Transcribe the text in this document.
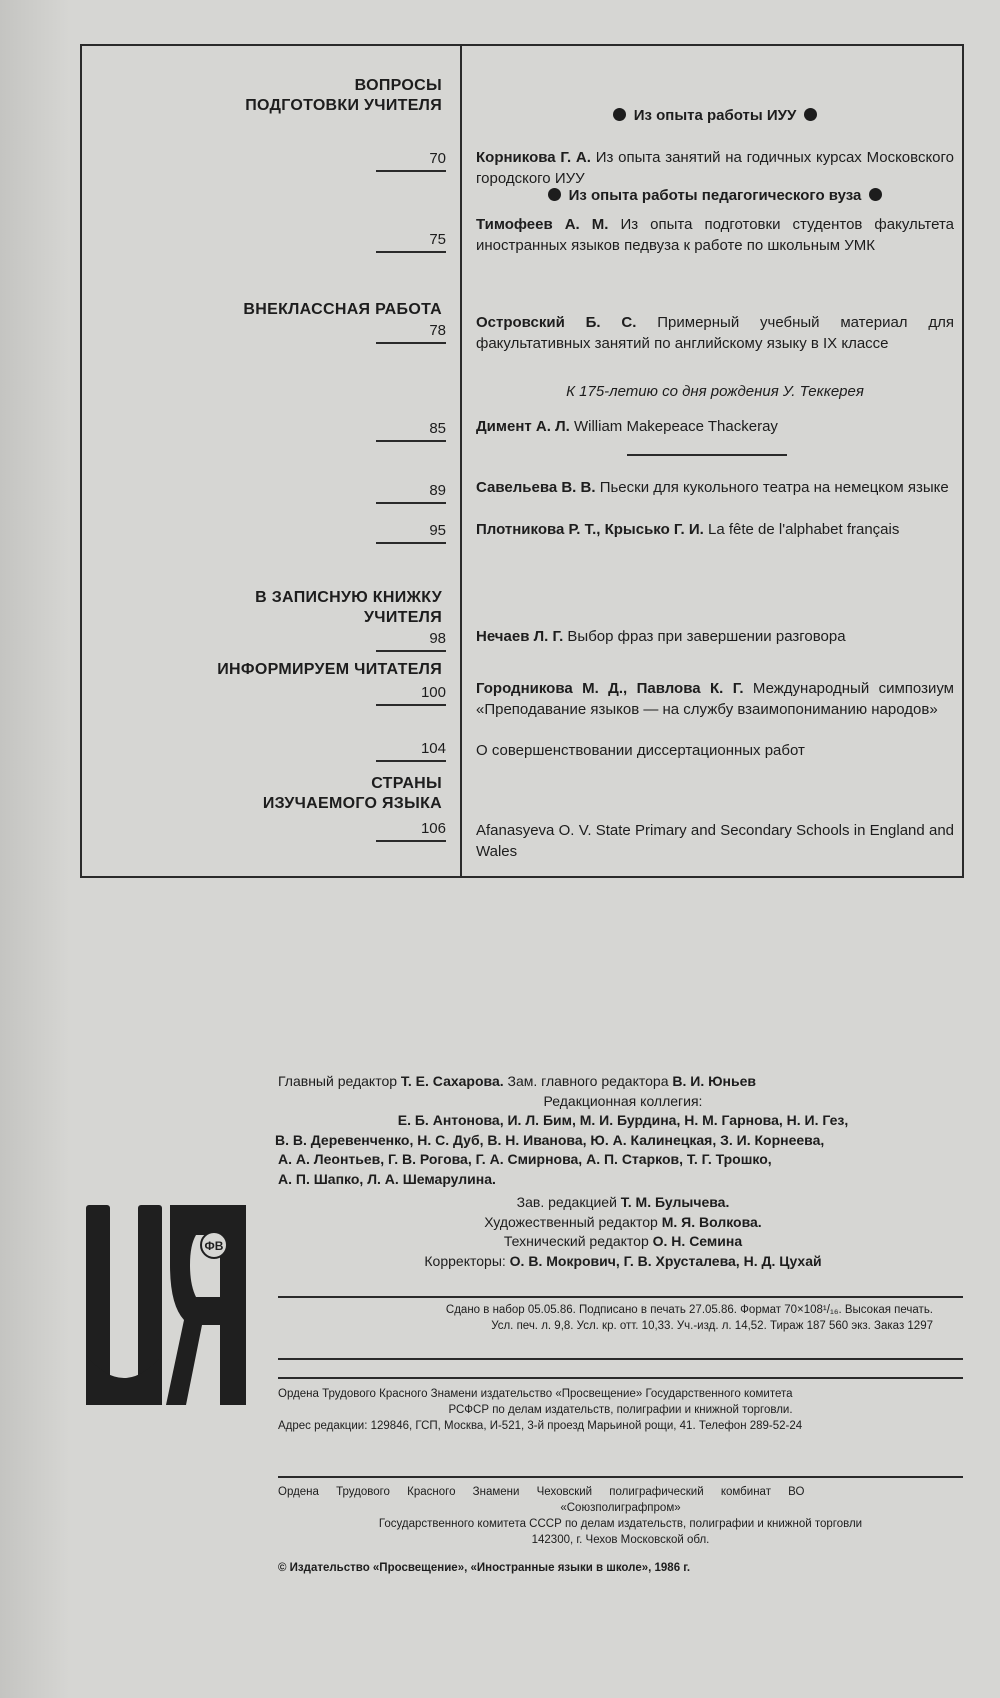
ВОПРОСЫ
ПОДГОТОВКИ УЧИТЕЛЯ
ВНЕКЛАССНАЯ РАБОТА
В ЗАПИСНУЮ КНИЖКУ
УЧИТЕЛЯ
ИНФОРМИРУЕМ ЧИТАТЕЛЯ
СТРАНЫ
ИЗУЧАЕМОГО ЯЗЫКА
70
75
78
85
89
95
98
100
104
106
Из опыта работы ИУУ
Из опыта работы педагогического вуза
Корникова Г. А. Из опыта занятий на годичных курсах Московского городского ИУУ
Тимофеев А. М. Из опыта подготовки студентов факультета иностранных языков педвуза к работе по школьным УМК
Островский Б. С. Примерный учебный материал для факультативных занятий по английскому языку в IX классе
К 175-летию со дня рождения У. Теккерея
Димент А. Л. William Makepeace Thackeray
Савельева В. В. Пьески для кукольного театра на немецком языке
Плотникова Р. Т., Крысько Г. И. La fête de l'alphabet français
Нечаев Л. Г. Выбор фраз при завершении разговора
Городникова М. Д., Павлова К. Г. Международный симпозиум «Преподавание языков — на службу взаимопониманию народов»
О совершенствовании диссертационных работ
Afanasyeva O. V. State Primary and Secondary Schools in England and Wales
ФВ
Главный редактор Т. Е. Сахарова. Зам. главного редактора В. И. Юньев
Редакционная коллегия:
Е. Б. Антонова, И. Л. Бим, М. И. Бурдина, Н. М. Гарнова, Н. И. Гез,
В. В. Деревенченко, Н. С. Дуб, В. Н. Иванова, Ю. А. Калинецкая, З. И. Корнеева,
А. А. Леонтьев, Г. В. Рогова, Г. А. Смирнова, А. П. Старков, Т. Г. Трошко,
А. П. Шапко, Л. А. Шемарулина.
Зав. редакцией Т. М. Булычева.
Художественный редактор М. Я. Волкова.
Технический редактор О. Н. Семина
Корректоры: О. В. Мокрович, Г. В. Хрусталева, Н. Д. Цухай
Сдано в набор 05.05.86. Подписано в печать 27.05.86. Формат 70×108¹/₁₆. Высокая печать.
Усл. печ. л. 9,8. Усл. кр. отт. 10,33. Уч.-изд. л. 14,52. Тираж 187 560 экз. Заказ 1297
Ордена Трудового Красного Знамени издательство «Просвещение» Государственного комитета
РСФСР по делам издательств, полиграфии и книжной торговли.
Адрес редакции: 129846, ГСП, Москва, И-521, 3-й проезд Марьиной рощи, 41. Телефон 289-52-24
Ордена Трудового Красного Знамени Чеховский полиграфический комбинат ВО
«Союзполиграфпром»
Государственного комитета СССР по делам издательств, полиграфии и книжной торговли
142300, г. Чехов Московской обл.
© Издательство «Просвещение», «Иностранные языки в школе», 1986 г.
